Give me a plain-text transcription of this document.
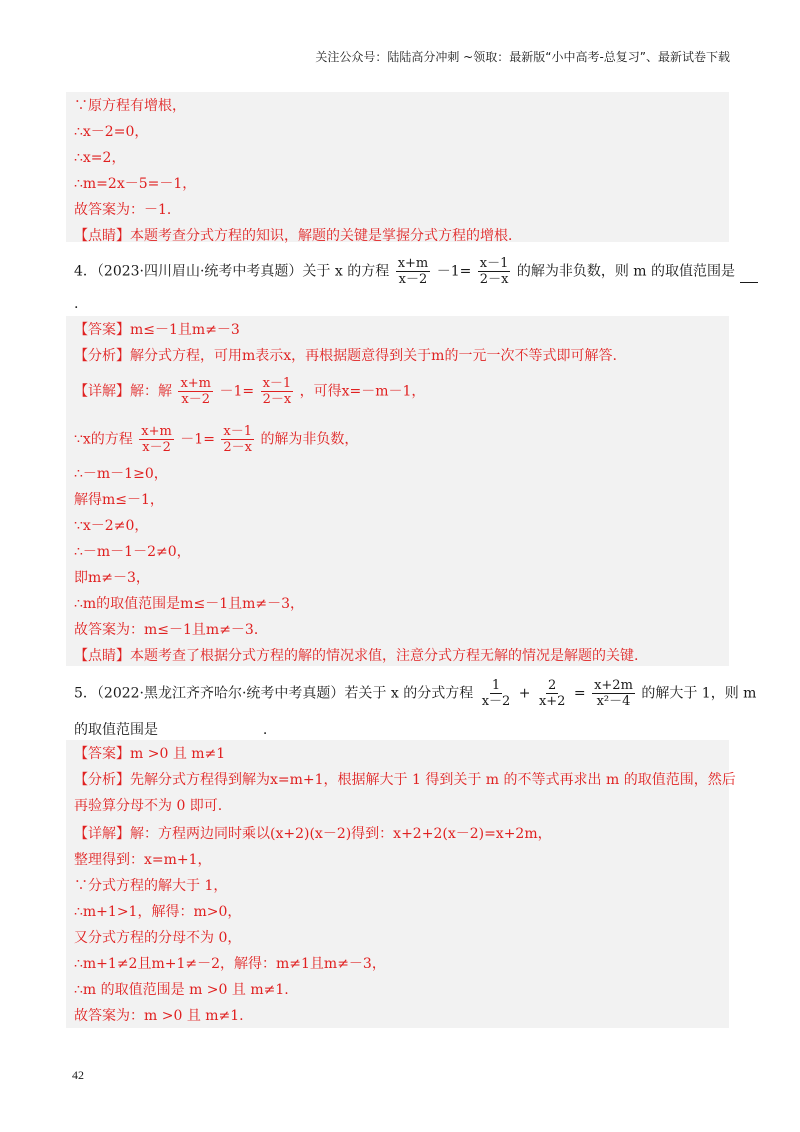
关注公众号：陆陆高分冲刺 ~领取：最新版“小中高考-总复习”、最新试卷下载
∵原方程有增根，
∴x－2=0，
∴x=2，
∴m=2x－5=－1，
故答案为：－1．
【点睛】本题考查分式方程的知识，解题的关键是掌握分式方程的增根．
4．（2023·四川眉山·统考中考真题）关于 x 的方程 $\frac{x+m}{x-2} -1= \frac{x-1}{2-x}$ 的解为非负数，则 m 的取值范围是
.
【答案】m≤－1且m≠－3
【分析】解分式方程，可用m表示x，再根据题意得到关于m的一元一次不等式即可解答.
【详解】解：解 $\frac{x+m}{x-2} -1= \frac{x-1}{2-x}$ ，可得x=－m－1，
∵x的方程 $\frac{x+m}{x-2} -1= \frac{x-1}{2-x}$ 的解为非负数，
∴－m－1≥0，
解得m≤－1，
∵x－2≠0，
∴－m－1－2≠0，
即m≠－3，
∴m的取值范围是m≤－1且m≠－3，
故答案为：m≤－1且m≠－3．
【点睛】本题考查了根据分式方程的解的情况求值，注意分式方程无解的情况是解题的关键.
5．（2022·黑龙江齐齐哈尔·统考中考真题）若关于 x 的分式方程 $\frac{1}{x-2} + \frac{2}{x+2} = \frac{x+2m}{\text{x²－4}}$ 的解大于 1，则 m
的取值范围是	.
【答案】m >0 且 m≠1
【分析】先解分式方程得到解为x=m+1，根据解大于 1 得到关于 m 的不等式再求出 m 的取值范围，然后
再验算分母不为 0 即可.
【详解】解：方程两边同时乘以(x+2)(x－2)得到：x+2+2(x－2)=x+2m，
整理得到：x=m+1，
∵分式方程的解大于 1，
∴m+1>1，解得：m>0，
又分式方程的分母不为 0，
∴m+1≠2且m+1≠－2，解得：m≠1且m≠－3，
∴m 的取值范围是 m >0 且 m≠1.
故答案为：m >0 且 m≠1.
42
